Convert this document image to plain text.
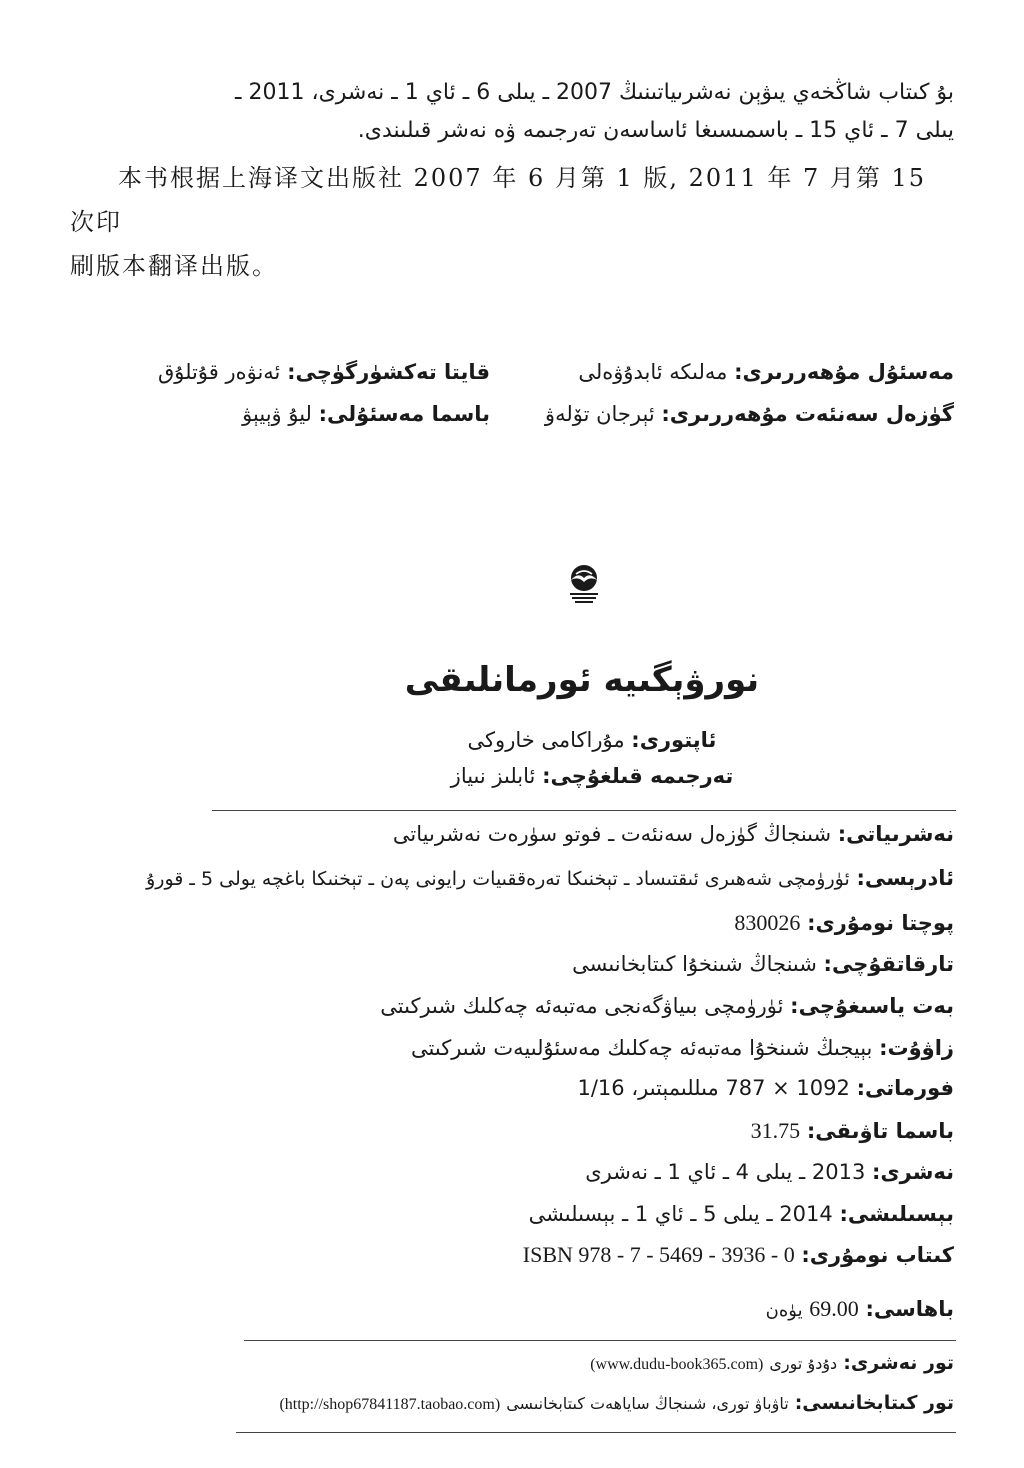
بۇ كىتاب شاڭخەي يىۋېن نەشرىياتىنىڭ 2007 ـ يىلى 6 ـ ئاي 1 ـ نەشرى، 2011 ـ
يىلى 7 ـ ئاي 15 ـ باسمىسىغا ئاساسەن تەرجىمە ۋە نەشر قىلىندى.
本书根据上海译文出版社 2007 年 6 月第 1 版, 2011 年 7 月第 15 次印
刷版本翻译出版。
مەسئۇل مۇھەررىرى: مەلىكە ئابدۇۋەلى
قايتا تەكشۈرگۈچى: ئەنۋەر قۇتلۇق
گۈزەل سەنئەت مۇھەررىرى: ئېرجان تۆلەۋ
باسما مەسئۇلى: ليۇ ۋېيېۋ
نورۋېگىيە ئورمانلىقى
ئاپتورى: مۇراكامى خاروكى
تەرجىمە قىلغۇچى: ئابلىز نىياز
نەشرىياتى: شىنجاڭ گۈزەل سەنئەت ـ فوتو سۈرەت نەشرىياتى
ئادرېسى: ئۈرۈمچى شەھىرى ئىقتىساد ـ تېخنىكا تەرەققىيات رايونى پەن ـ تېخنىكا باغچە يولى 5 ـ قورۇ
پوچتا نومۇرى: 830026
تارقاتقۇچى: شىنجاڭ شىنخۇا كىتابخانىسى
بەت ياسىغۇچى: ئۈرۈمچى بىياۋگەنجى مەتبەئە چەكلىك شىركىتى
زاۋۇت: بېيجىڭ شىنخۇا مەتبەئە چەكلىك مەسئۇلىيەت شىركىتى
فورماتى: 1092 × 787 مىللىمېتىر، 1/16
باسما تاۋىقى: 31.75
نەشرى: 2013 ـ يىلى 4 ـ ئاي 1 ـ نەشرى
بېسىلىشى: 2014 ـ يىلى 5 ـ ئاي 1 ـ بېسىلىشى
كىتاب نومۇرى: ISBN 978 - 7 - 5469 - 3936 - 0
باھاسى: 69.00 يۈەن
تور نەشرى: دۇدۇ تورى (www.dudu-book365.com)
تور كىتابخانىسى: تاۋباۋ تورى، شىنجاڭ ساياھەت كىتابخانىسى (http://shop67841187.taobao.com)
